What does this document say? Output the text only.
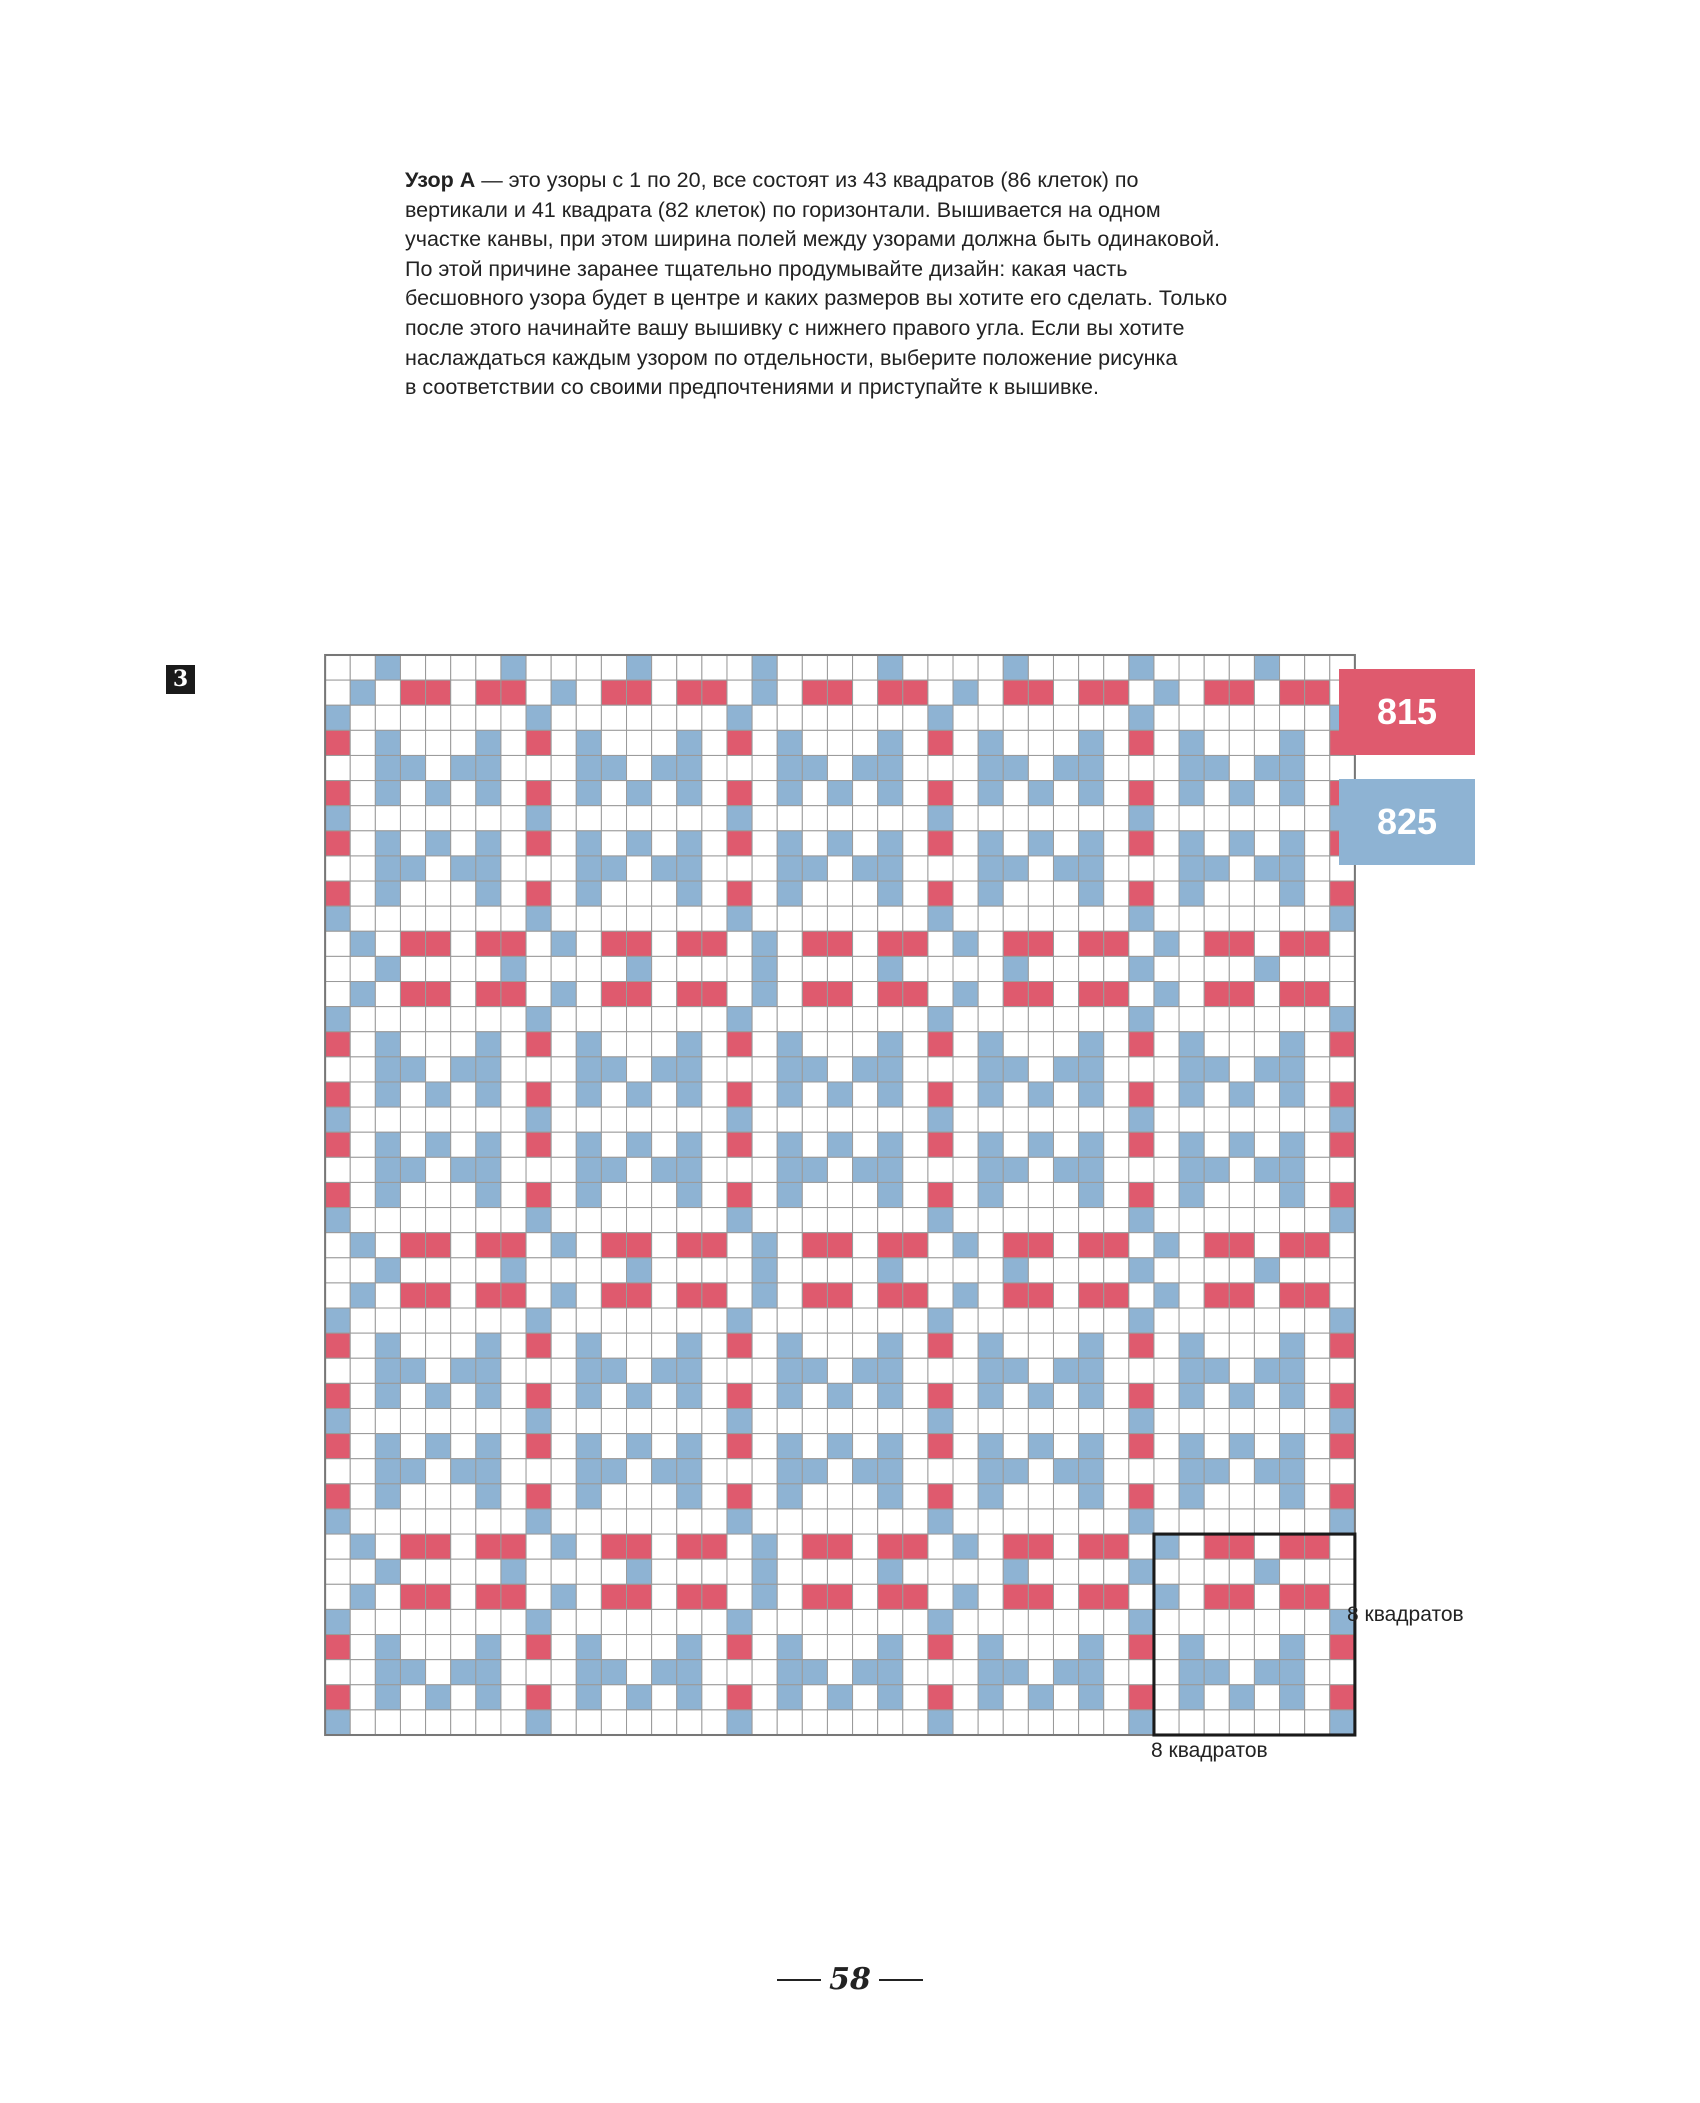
Узор А — это узоры с 1 по 20, все состоят из 43 квадратов (86 клеток) по
вертикали и 41 квадрата (82 клеток) по горизонтали. Вышивается на одном
участке канвы, при этом ширина полей между узорами должна быть одинаковой.
По этой причине заранее тщательно продумывайте дизайн: какая часть
бесшовного узора будет в центре и каких размеров вы хотите его сделать. Только
после этого начинайте вашу вышивку с нижнего правого угла. Если вы хотите
наслаждаться каждым узором по отдельности, выберите положение рисунка
в соответствии со своими предпочтениями и приступайте к вышивке.
3
815
825
8 квадратов
8 квадратов
58
